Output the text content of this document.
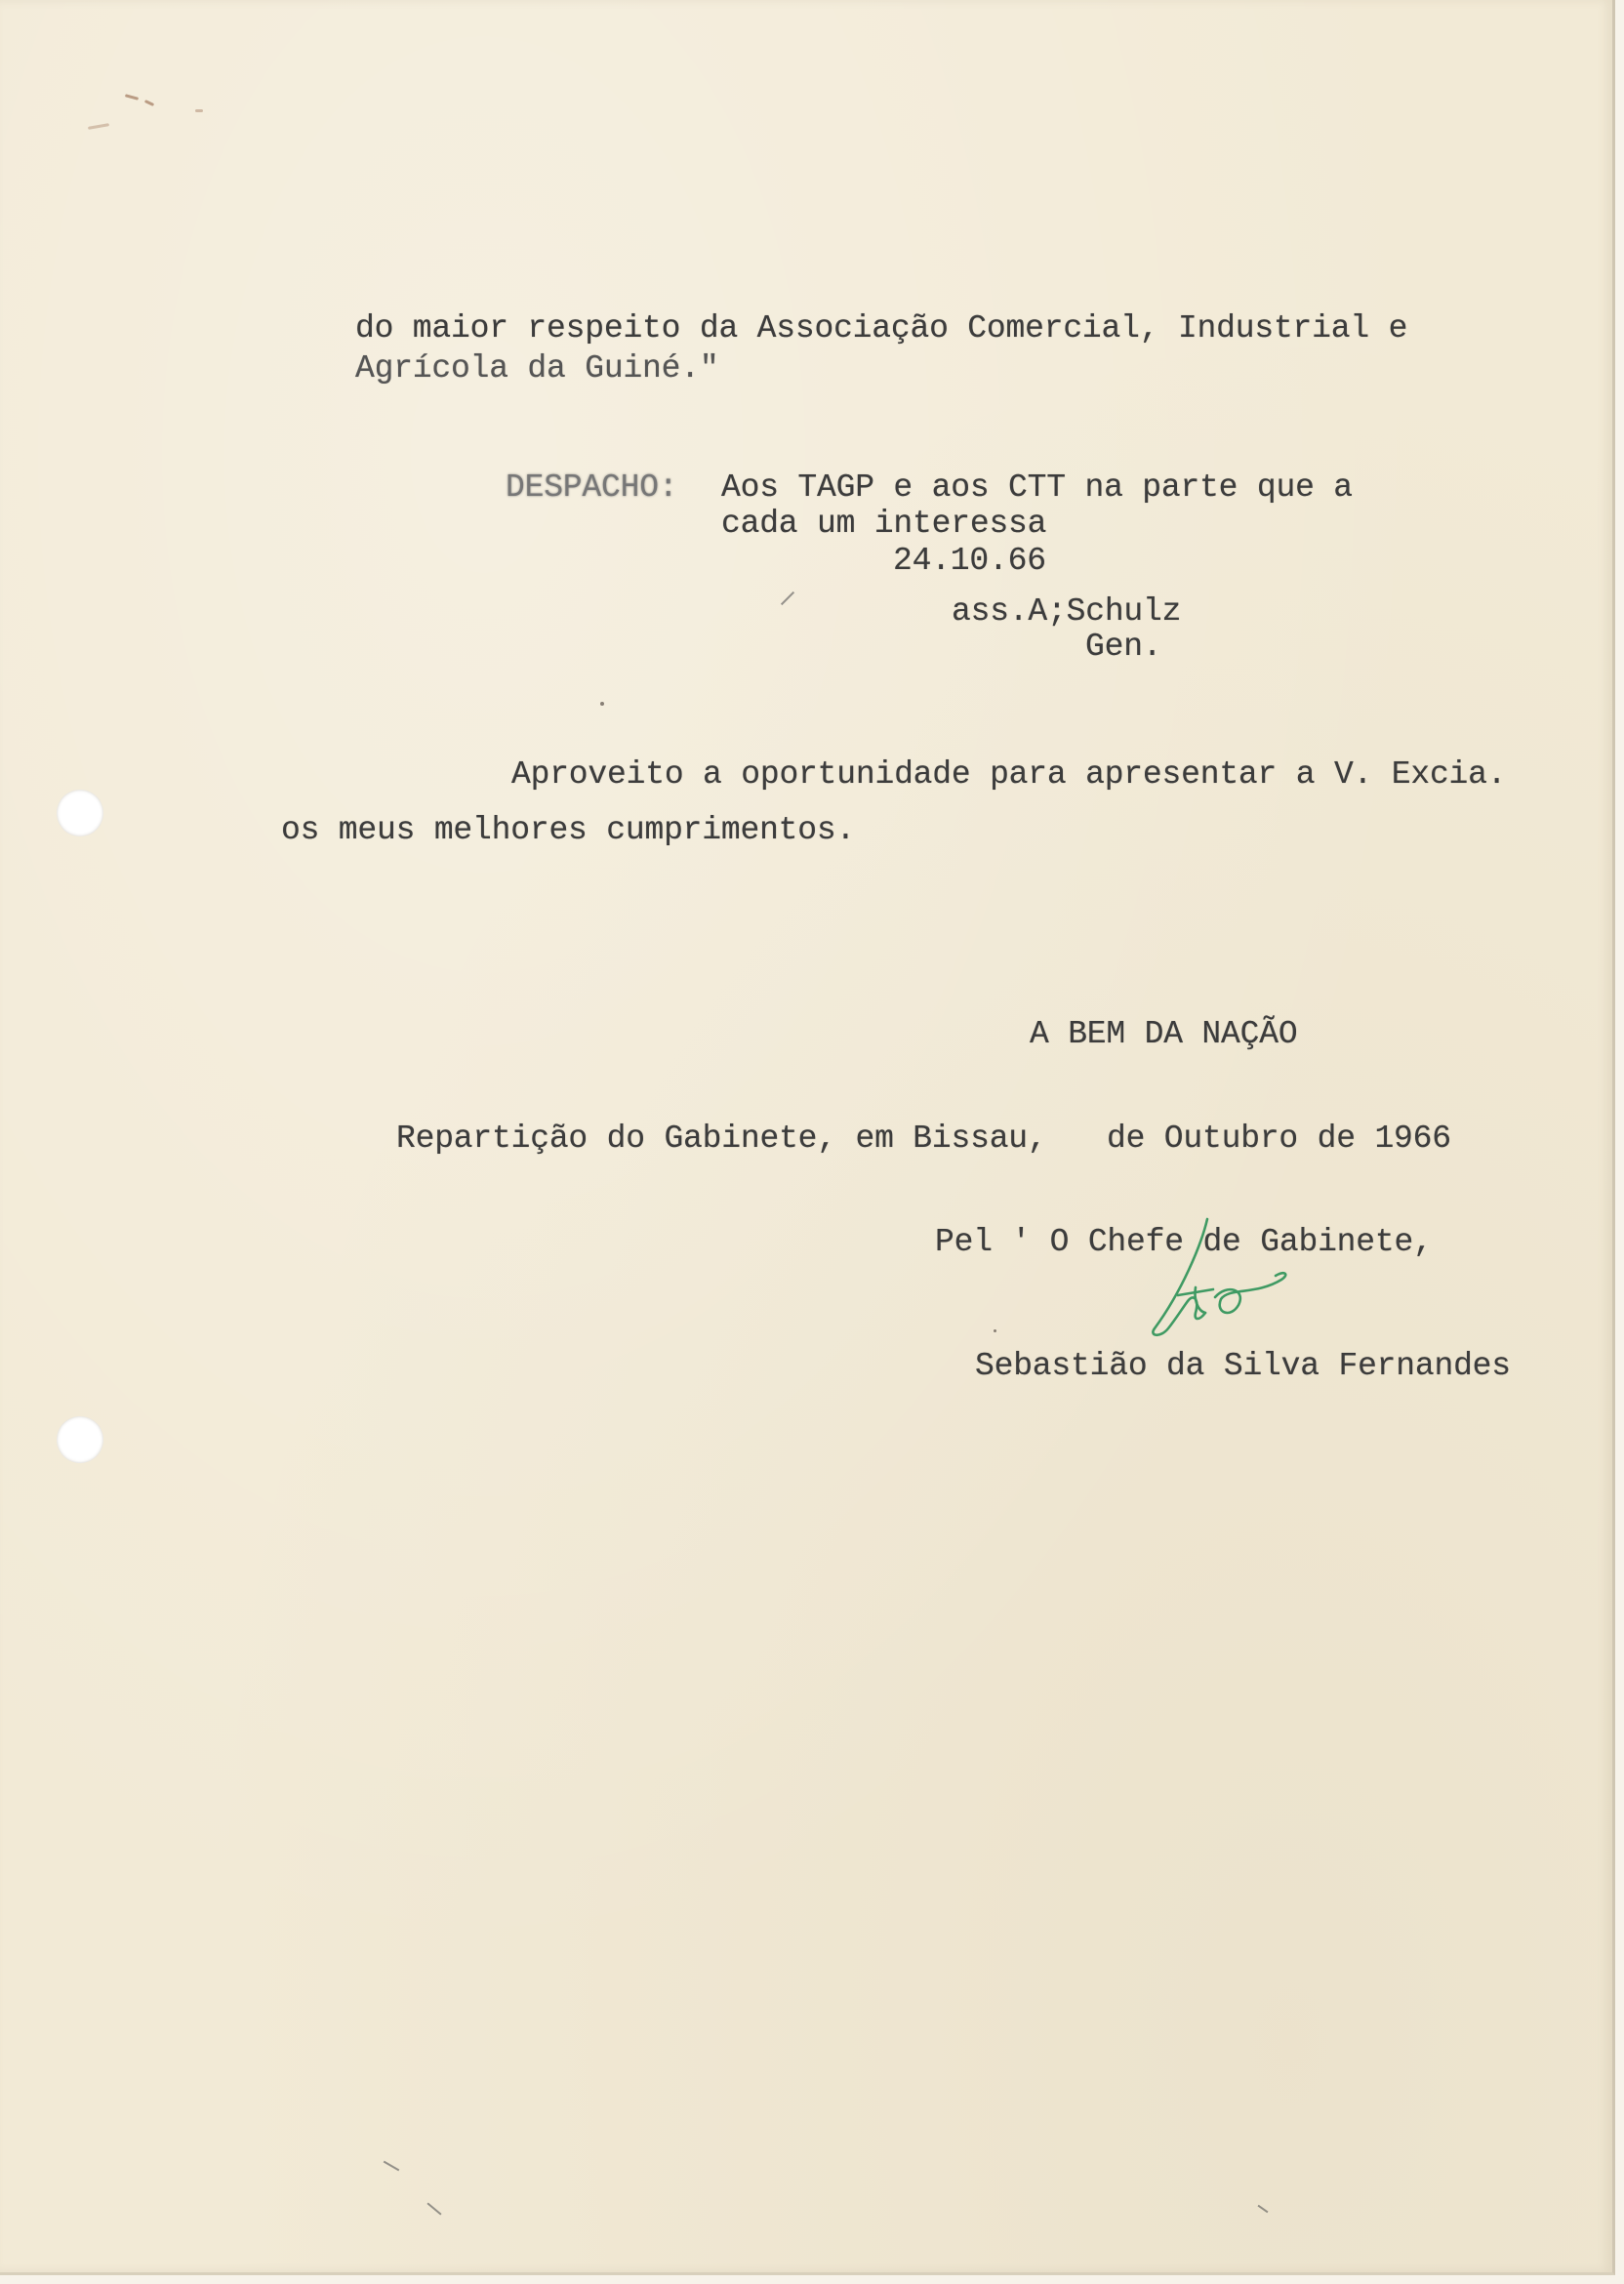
do maior respeito da Associação Comercial, Industrial e

Agrícola da Guiné."

DESPACHO: Aos TAGP e aos CTT na parte que a

cada um interessa

24.10.66

ass.A;Schulz

Gen.

Aproveito a oportunidade para apresentar a V. Excia.

os meus melhores cumprimentos.

A BEM DA NAÇÃO

Repartição do Gabinete, em Bissau, de Outubro de 1966

Pel ' O Chefe de Gabinete,

Sebastião da Silva Fernandes
